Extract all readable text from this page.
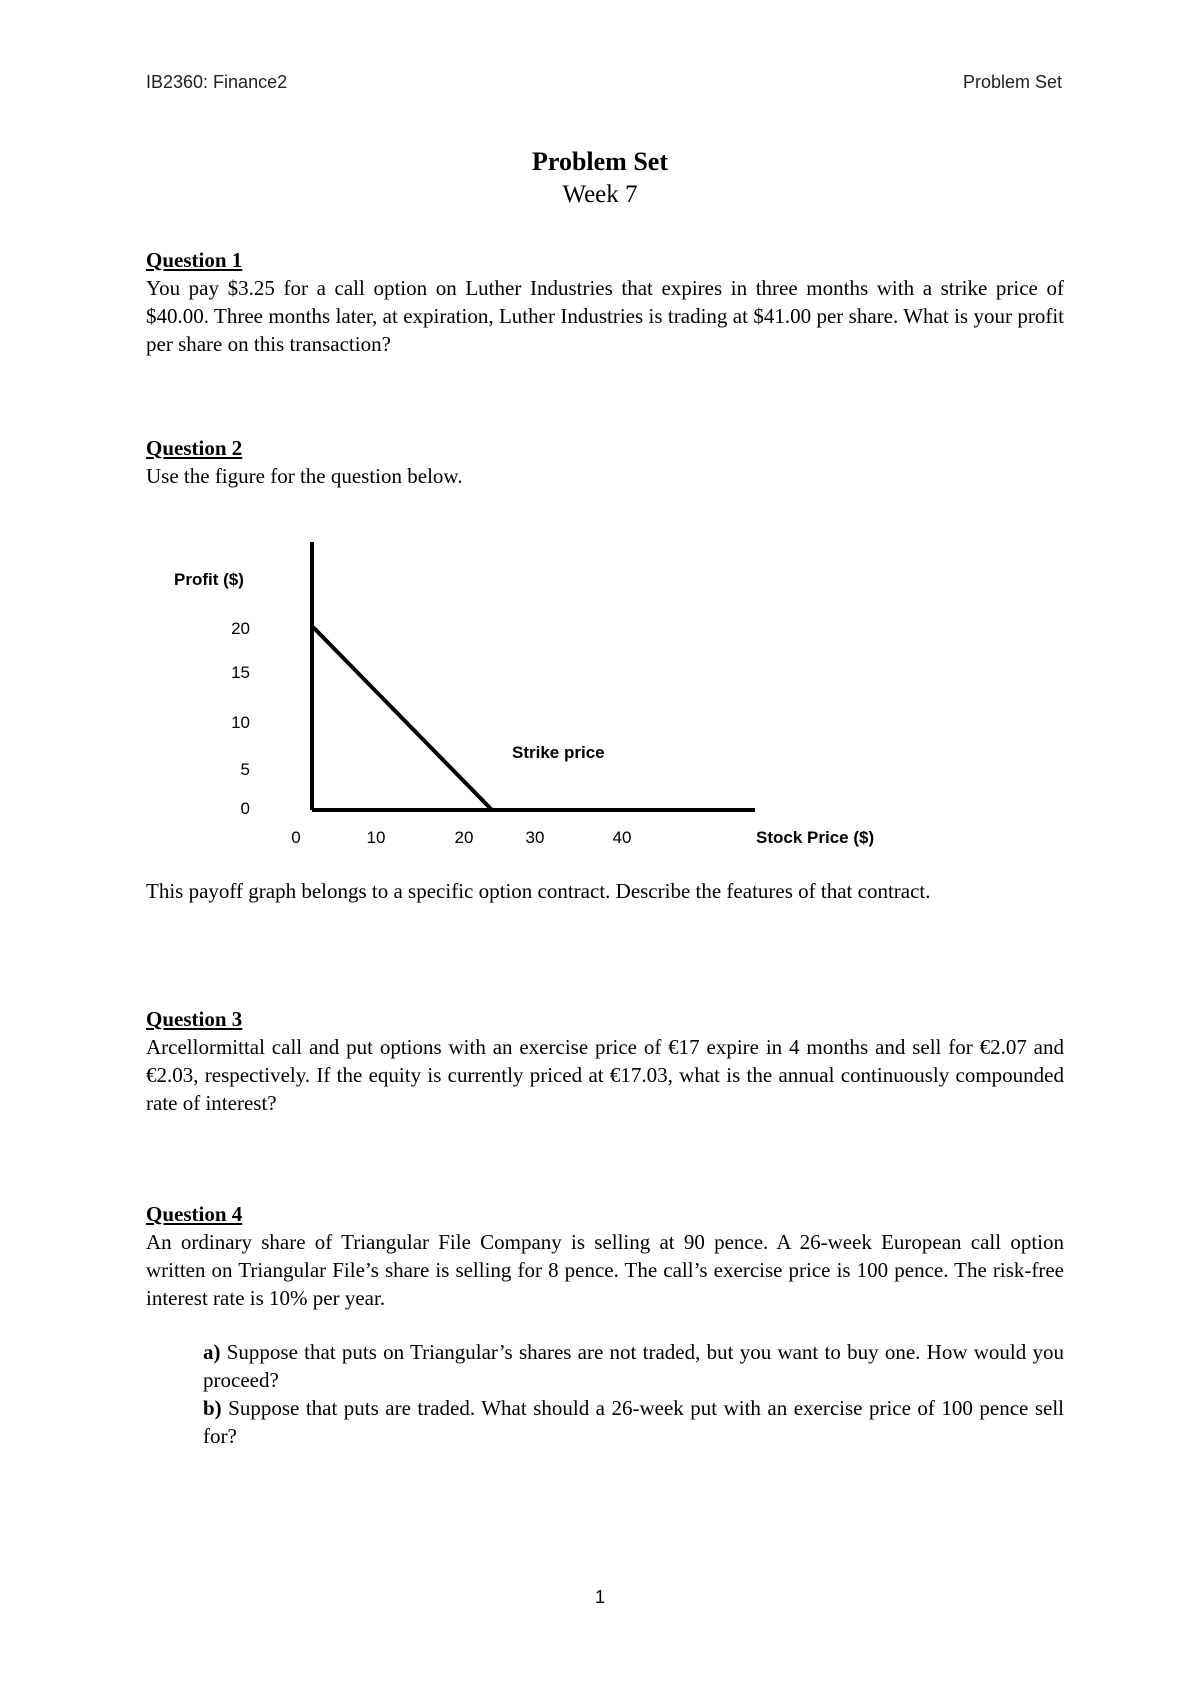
IB2360: Finance2	Problem Set
Problem Set
Week 7
Question 1
You pay $3.25 for a call option on Luther Industries that expires in three months with a strike price of $40.00. Three months later, at expiration, Luther Industries is trading at $41.00 per share. What is your profit per share on this transaction?
Question 2
Use the figure for the question below.
0
5
10
15
20
0	10	20	30	40
Profit ($)
Stock Price ($)
Strike price
This payoff graph belongs to a specific option contract. Describe the features of that contract.
Question 3
Arcellormittal call and put options with an exercise price of €17 expire in 4 months and sell for €2.07 and €2.03, respectively. If the equity is currently priced at €17.03, what is the annual continuously compounded rate of interest?
Question 4
An ordinary share of Triangular File Company is selling at 90 pence. A 26-week European call option written on Triangular File’s share is selling for 8 pence. The call’s exercise price is 100 pence. The risk-free interest rate is 10% per year.
a) Suppose that puts on Triangular’s shares are not traded, but you want to buy one. How would you proceed?
b) Suppose that puts are traded. What should a 26-week put with an exercise price of 100 pence sell for?
1
